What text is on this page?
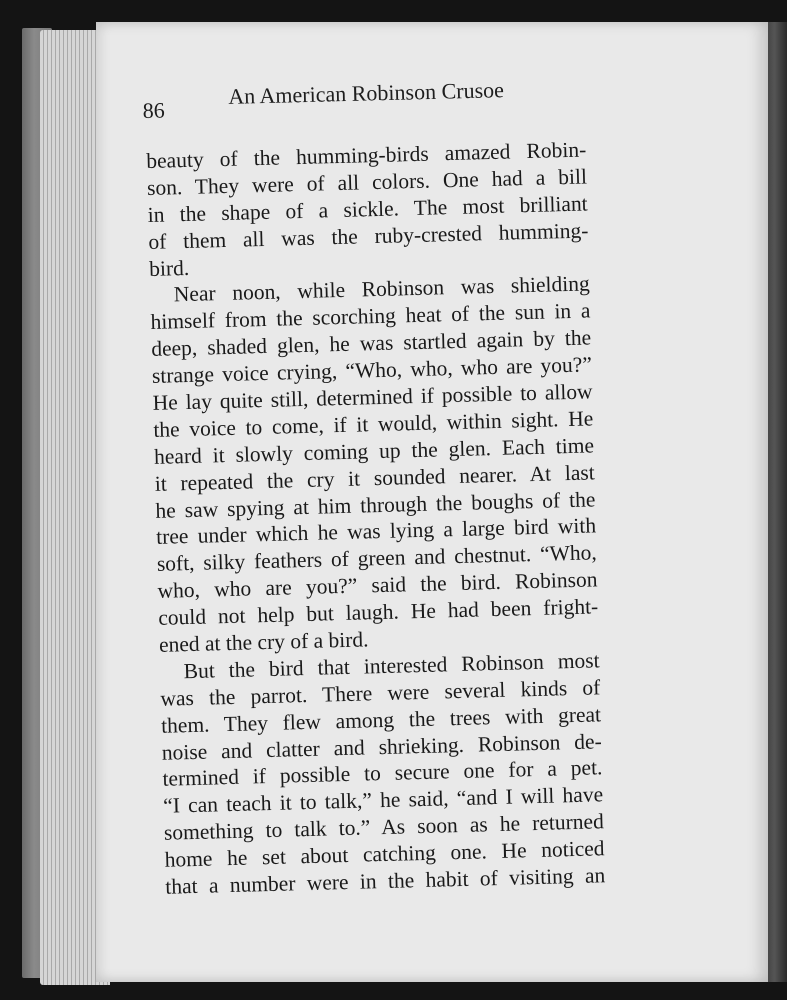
86
An American Robinson Crusoe
beauty of the humming-birds amazed Robin-
son. They were of all colors. One had a bill
in the shape of a sickle. The most brilliant
of them all was the ruby-crested humming-
bird.
Near noon, while Robinson was shielding
himself from the scorching heat of the sun in a
deep, shaded glen, he was startled again by the
strange voice crying, “Who, who, who are you?”
He lay quite still, determined if possible to allow
the voice to come, if it would, within sight. He
heard it slowly coming up the glen. Each time
it repeated the cry it sounded nearer. At last
he saw spying at him through the boughs of the
tree under which he was lying a large bird with
soft, silky feathers of green and chestnut. “Who,
who, who are you?” said the bird. Robinson
could not help but laugh. He had been fright-
ened at the cry of a bird.
But the bird that interested Robinson most
was the parrot. There were several kinds of
them. They flew among the trees with great
noise and clatter and shrieking. Robinson de-
termined if possible to secure one for a pet.
“I can teach it to talk,” he said, “and I will have
something to talk to.” As soon as he returned
home he set about catching one. He noticed
that a number were in the habit of visiting an
